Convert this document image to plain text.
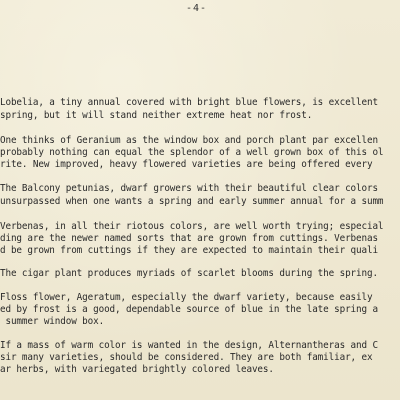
-4-
Lobelia, a tiny annual covered with bright blue flowers, is excellent
spring, but it will stand neither extreme heat nor frost.
One thinks of Geranium as the window box and porch plant par excellen
probably nothing can equal the splendor of a well grown box of this ol
rite. New improved, heavy flowered varieties are being offered every
The Balcony petunias, dwarf growers with their beautiful clear colors
unsurpassed when one wants a spring and early summer annual for a summ
Verbenas, in all their riotous colors, are well worth trying; especial
ding are the newer named sorts that are grown from cuttings. Verbenas
d be grown from cuttings if they are expected to maintain their quali
The cigar plant produces myriads of scarlet blooms during the spring.
Floss flower, Ageratum, especially the dwarf variety, because easily
ed by frost is a good, dependable source of blue in the late spring a
summer window box.
If a mass of warm color is wanted in the design, Alternantheras and C
sir many varieties, should be considered. They are both familiar, ex
ar herbs, with variegated brightly colored leaves.
